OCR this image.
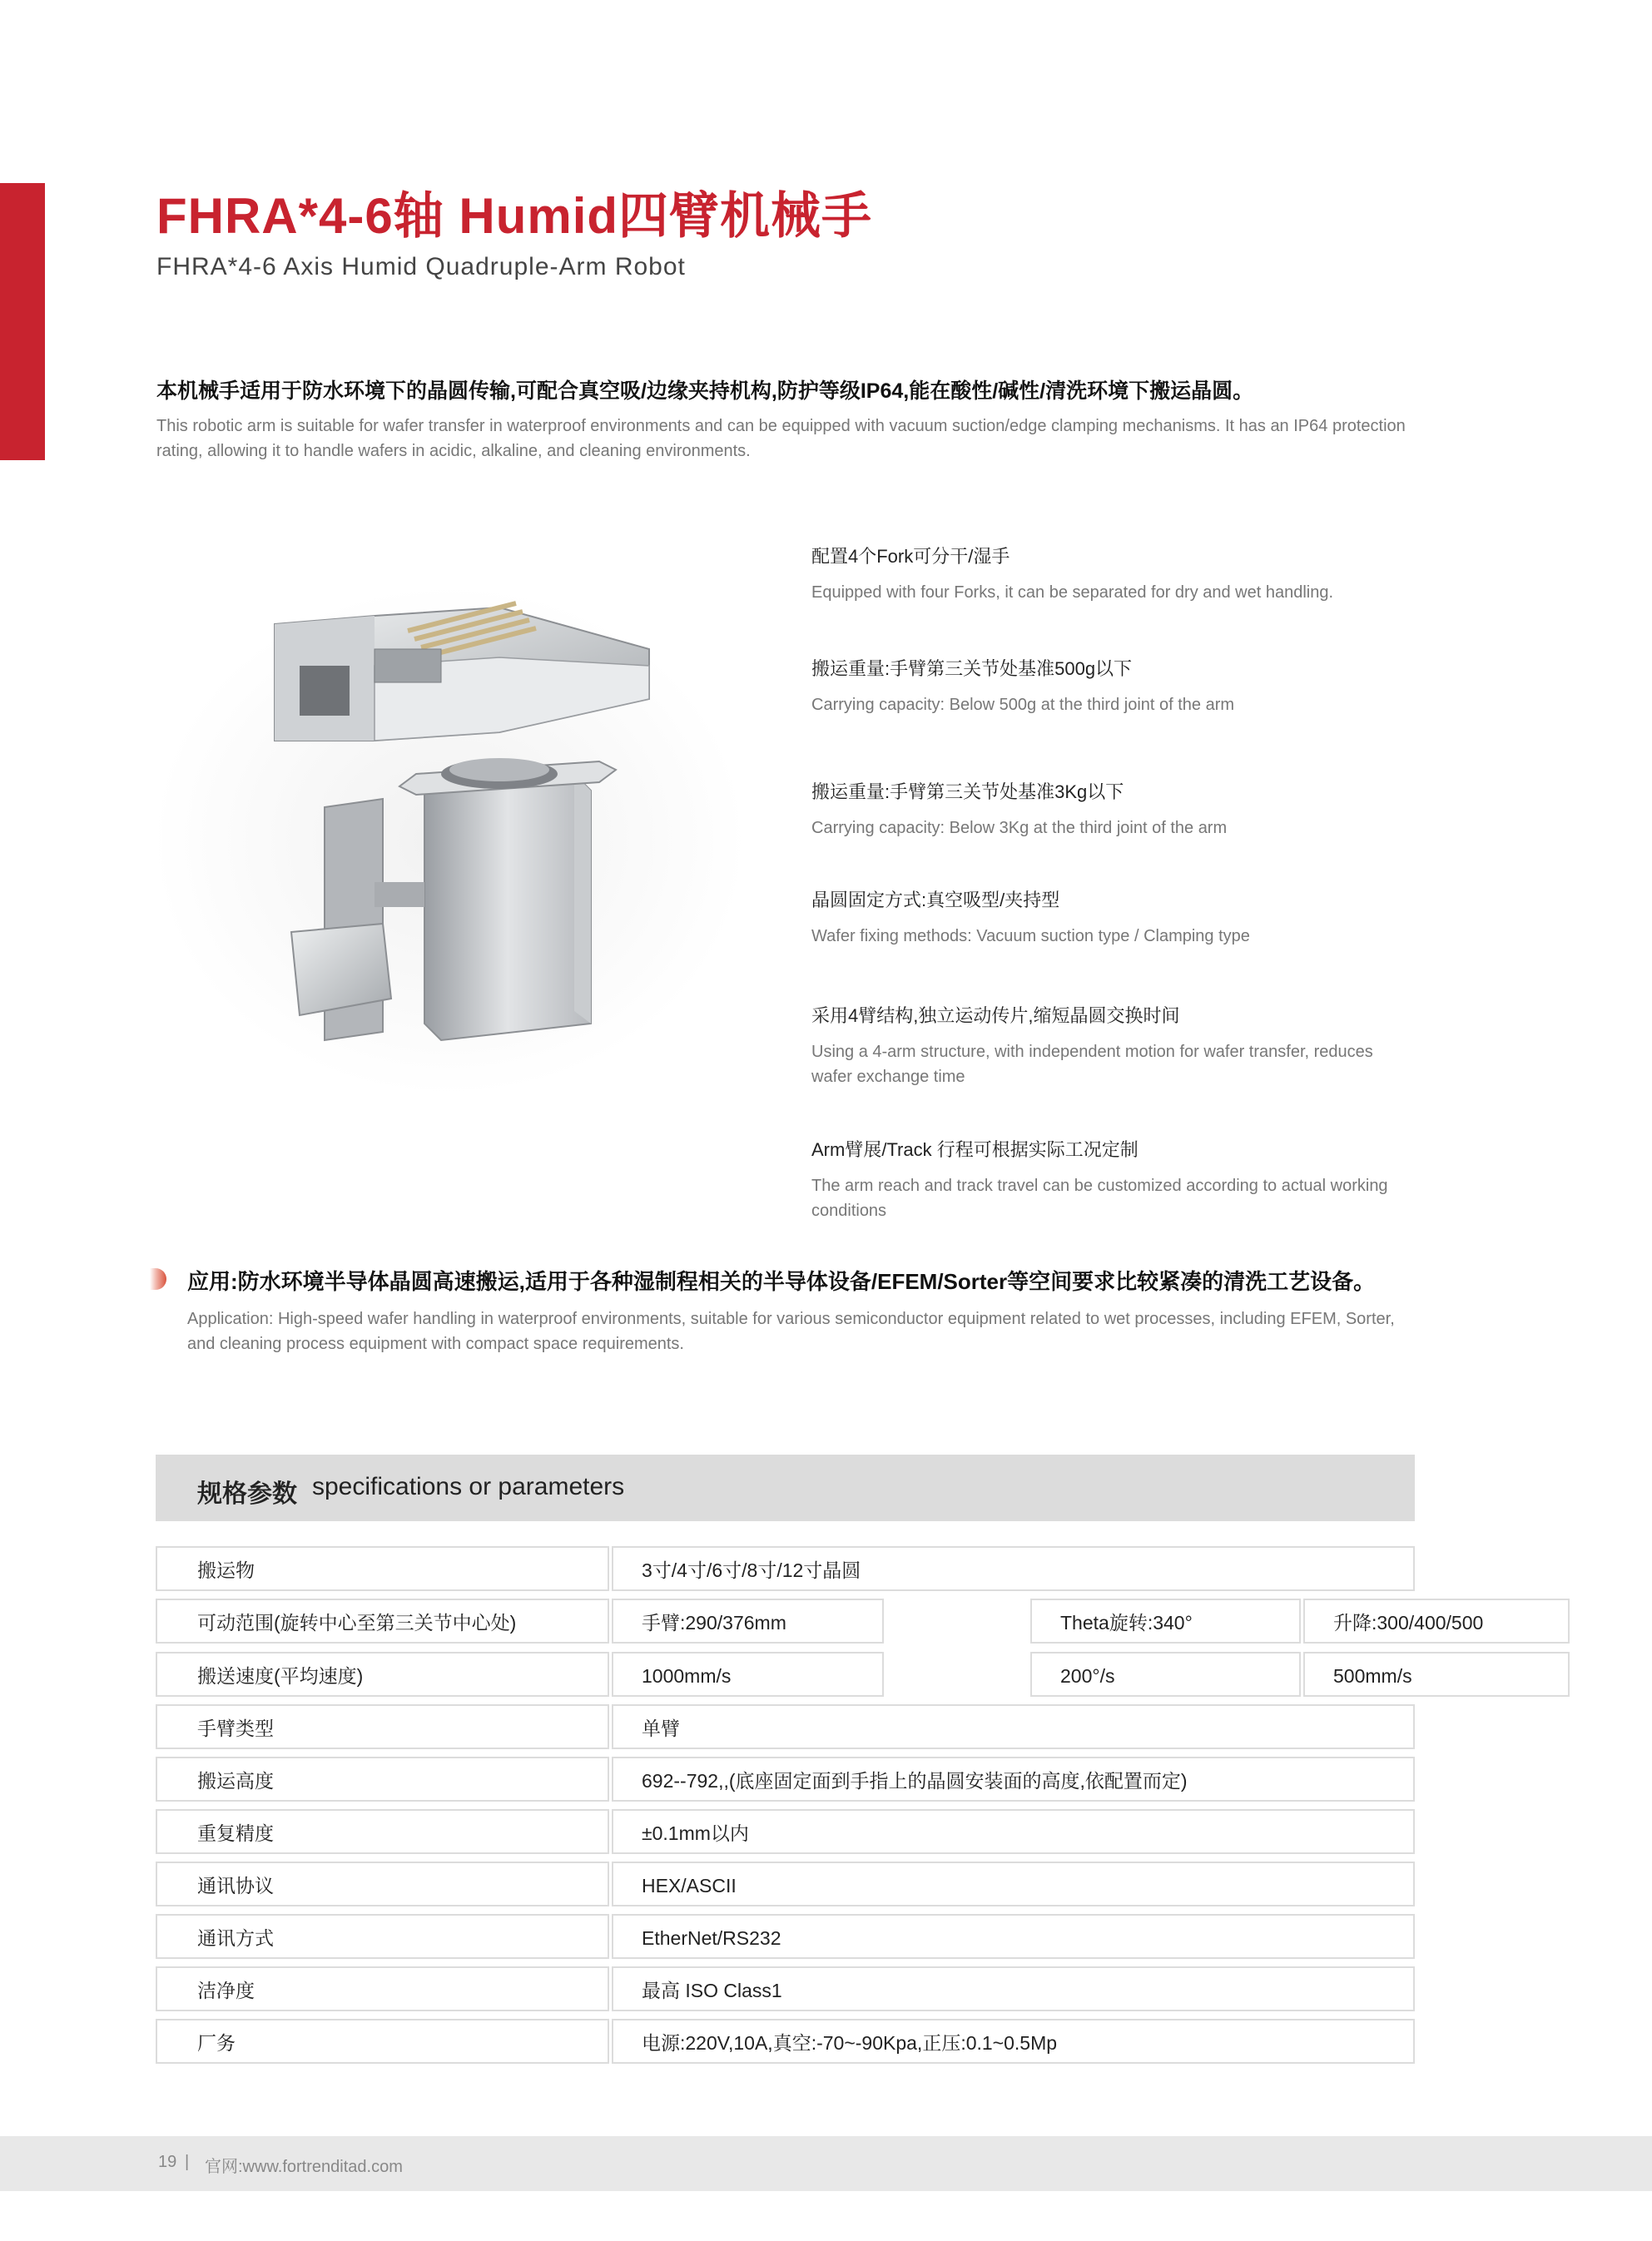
FHRA*4-6轴 Humid四臂机械手
FHRA*4-6 Axis Humid Quadruple-Arm Robot
本机械手适用于防水环境下的晶圆传输,可配合真空吸/边缘夹持机构,防护等级IP64,能在酸性/碱性/清洗环境下搬运晶圆。
This robotic arm is suitable for wafer transfer in waterproof environments and can be equipped with vacuum suction/edge clamping mechanisms. It has an IP64 protection rating, allowing it to handle wafers in acidic, alkaline, and cleaning environments.
配置4个Fork可分干/湿手
Equipped with four Forks, it can be separated for dry and wet handling.
搬运重量:手臂第三关节处基准500g以下
Carrying capacity: Below 500g at the third joint of the arm
搬运重量:手臂第三关节处基准3Kg以下
Carrying capacity: Below 3Kg at the third joint of the arm
晶圆固定方式:真空吸型/夹持型
Wafer fixing methods: Vacuum suction type / Clamping type
采用4臂结构,独立运动传片,缩短晶圆交换时间
Using a 4-arm structure, with independent motion for wafer transfer, reduces wafer exchange time
Arm臂展/Track 行程可根据实际工况定制
The arm reach and track travel can be customized according to actual working conditions
应用:防水环境半导体晶圆高速搬运,适用于各种湿制程相关的半导体设备/EFEM/Sorter等空间要求比较紧凑的清洗工艺设备。
Application: High-speed wafer handling in waterproof environments, suitable for various semiconductor equipment related to wet processes, including EFEM, Sorter, and cleaning process equipment with compact space requirements.
规格参数 specifications or parameters
搬运物	3寸/4寸/6寸/8寸/12寸晶圆
可动范围(旋转中心至第三关节中心处)	手臂:290/376mm	Theta旋转:340°	升降:300/400/500
搬送速度(平均速度)	1000mm/s	200°/s	500mm/s
手臂类型	单臂
搬运高度	692--792,,(底座固定面到手指上的晶圆安装面的高度,依配置而定)
重复精度	±0.1mm以内
通讯协议	HEX/ASCII
通讯方式	EtherNet/RS232
洁净度	最高 ISO Class1
厂务	电源:220V,10A,真空:-70~-90Kpa,正压:0.1~0.5Mp
19 | 官网:www.fortrenditad.com
